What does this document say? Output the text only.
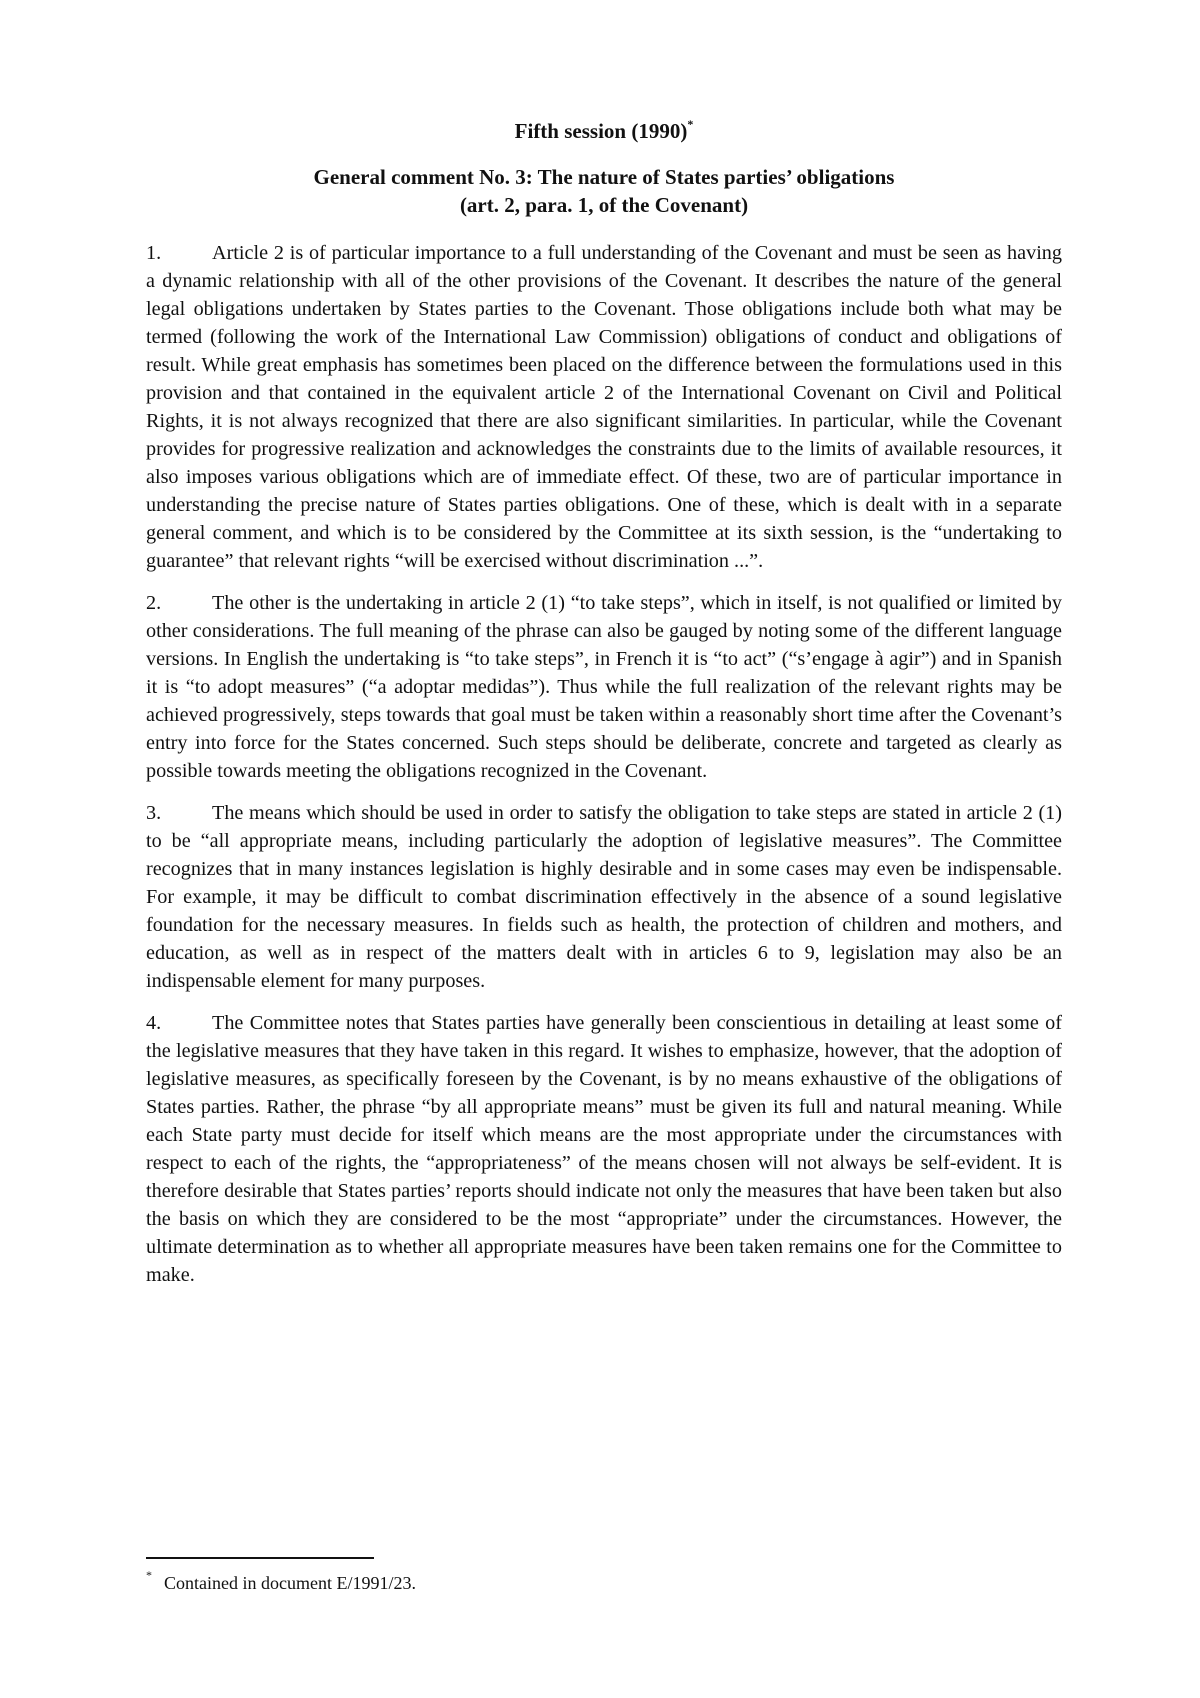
Fifth session (1990)*
General comment No. 3: The nature of States parties’ obligations
(art. 2, para. 1, of the Covenant)

1.	Article 2 is of particular importance to a full understanding of the Covenant and must be seen as having a dynamic relationship with all of the other provisions of the Covenant. It describes the nature of the general legal obligations undertaken by States parties to the Covenant. Those obligations include both what may be termed (following the work of the International Law Commission) obligations of conduct and obligations of result. While great emphasis has sometimes been placed on the difference between the formulations used in this provision and that contained in the equivalent article 2 of the International Covenant on Civil and Political Rights, it is not always recognized that there are also significant similarities. In particular, while the Covenant provides for progressive realization and acknowledges the constraints due to the limits of available resources, it also imposes various obligations which are of immediate effect. Of these, two are of particular importance in understanding the precise nature of States parties obligations. One of these, which is dealt with in a separate general comment, and which is to be considered by the Committee at its sixth session, is the “undertaking to guarantee” that relevant rights “will be exercised without discrimination ...”.

2.	The other is the undertaking in article 2 (1) “to take steps”, which in itself, is not qualified or limited by other considerations. The full meaning of the phrase can also be gauged by noting some of the different language versions. In English the undertaking is “to take steps”, in French it is “to act” (“s’engage à agir”) and in Spanish it is “to adopt measures” (“a adoptar medidas”). Thus while the full realization of the relevant rights may be achieved progressively, steps towards that goal must be taken within a reasonably short time after the Covenant’s entry into force for the States concerned. Such steps should be deliberate, concrete and targeted as clearly as possible towards meeting the obligations recognized in the Covenant.

3.	The means which should be used in order to satisfy the obligation to take steps are stated in article 2 (1) to be “all appropriate means, including particularly the adoption of legislative measures”. The Committee recognizes that in many instances legislation is highly desirable and in some cases may even be indispensable. For example, it may be difficult to combat discrimination effectively in the absence of a sound legislative foundation for the necessary measures. In fields such as health, the protection of children and mothers, and education, as well as in respect of the matters dealt with in articles 6 to 9, legislation may also be an indispensable element for many purposes.

4.	The Committee notes that States parties have generally been conscientious in detailing at least some of the legislative measures that they have taken in this regard. It wishes to emphasize, however, that the adoption of legislative measures, as specifically foreseen by the Covenant, is by no means exhaustive of the obligations of States parties. Rather, the phrase “by all appropriate means” must be given its full and natural meaning. While each State party must decide for itself which means are the most appropriate under the circumstances with respect to each of the rights, the “appropriateness” of the means chosen will not always be self-evident. It is therefore desirable that States parties’ reports should indicate not only the measures that have been taken but also the basis on which they are considered to be the most “appropriate” under the circumstances. However, the ultimate determination as to whether all appropriate measures have been taken remains one for the Committee to make.

* Contained in document E/1991/23.
